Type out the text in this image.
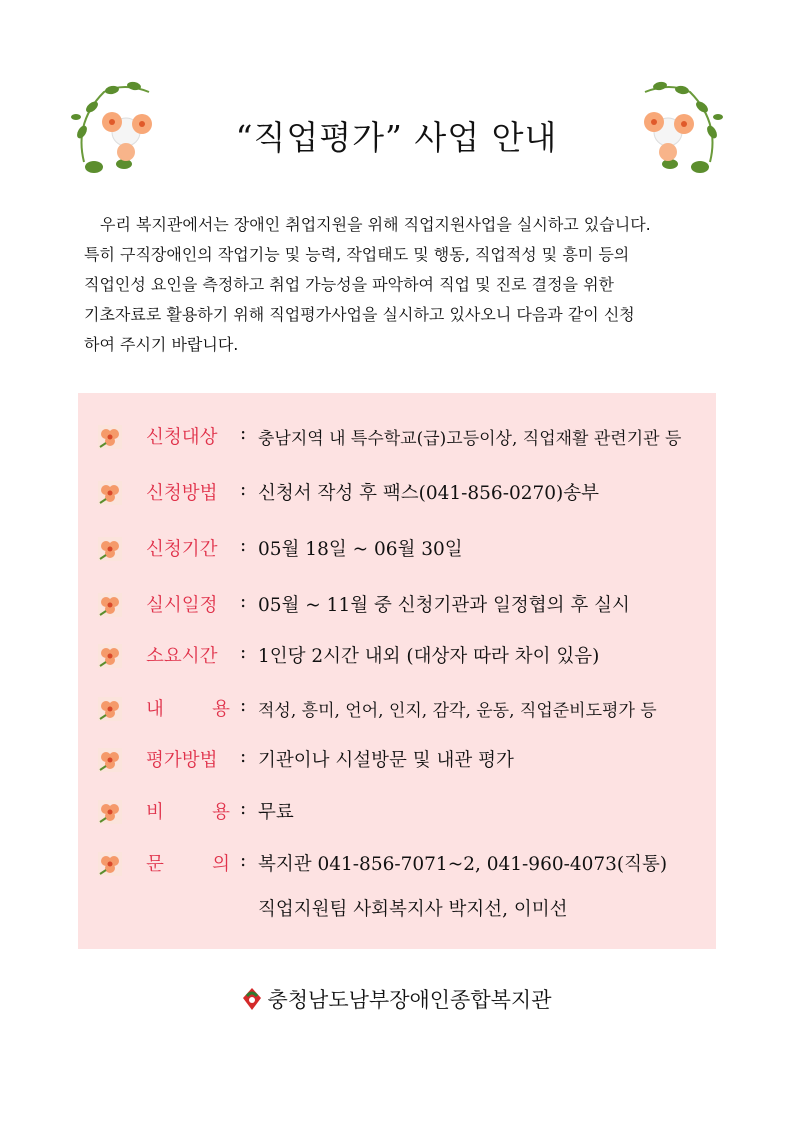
“직업평가” 사업 안내
우리 복지관에서는 장애인 취업지원을 위해 직업지원사업을 실시하고 있습니다.
특히 구직장애인의 작업기능 및 능력, 작업태도 및 행동, 직업적성 및 흥미 등의
직업인성 요인을 측정하고 취업 가능성을 파악하여 직업 및 진로 결정을 위한
기초자료로 활용하기 위해 직업평가사업을 실시하고 있사오니 다음과 같이 신청
하여 주시기 바랍니다.
신청대상 : 충남지역 내 특수학교(급)고등이상, 직업재활 관련기관 등
신청방법 : 신청서 작성 후 팩스(041-856-0270)송부
신청기간 : 05월 18일 ~ 06월 30일
실시일정 : 05월 ~ 11월 중 신청기관과 일정협의 후 실시
소요시간 : 1인당 2시간 내외 (대상자 따라 차이 있음)
내	용 : 적성, 흥미, 언어, 인지, 감각, 운동, 직업준비도평가 등
평가방법 : 기관이나 시설방문 및 내관 평가
비	용 : 무료
문	의 : 복지관 041-856-7071~2, 041-960-4073(직통)
직업지원팀 사회복지사 박지선, 이미선
충청남도남부장애인종합복지관
